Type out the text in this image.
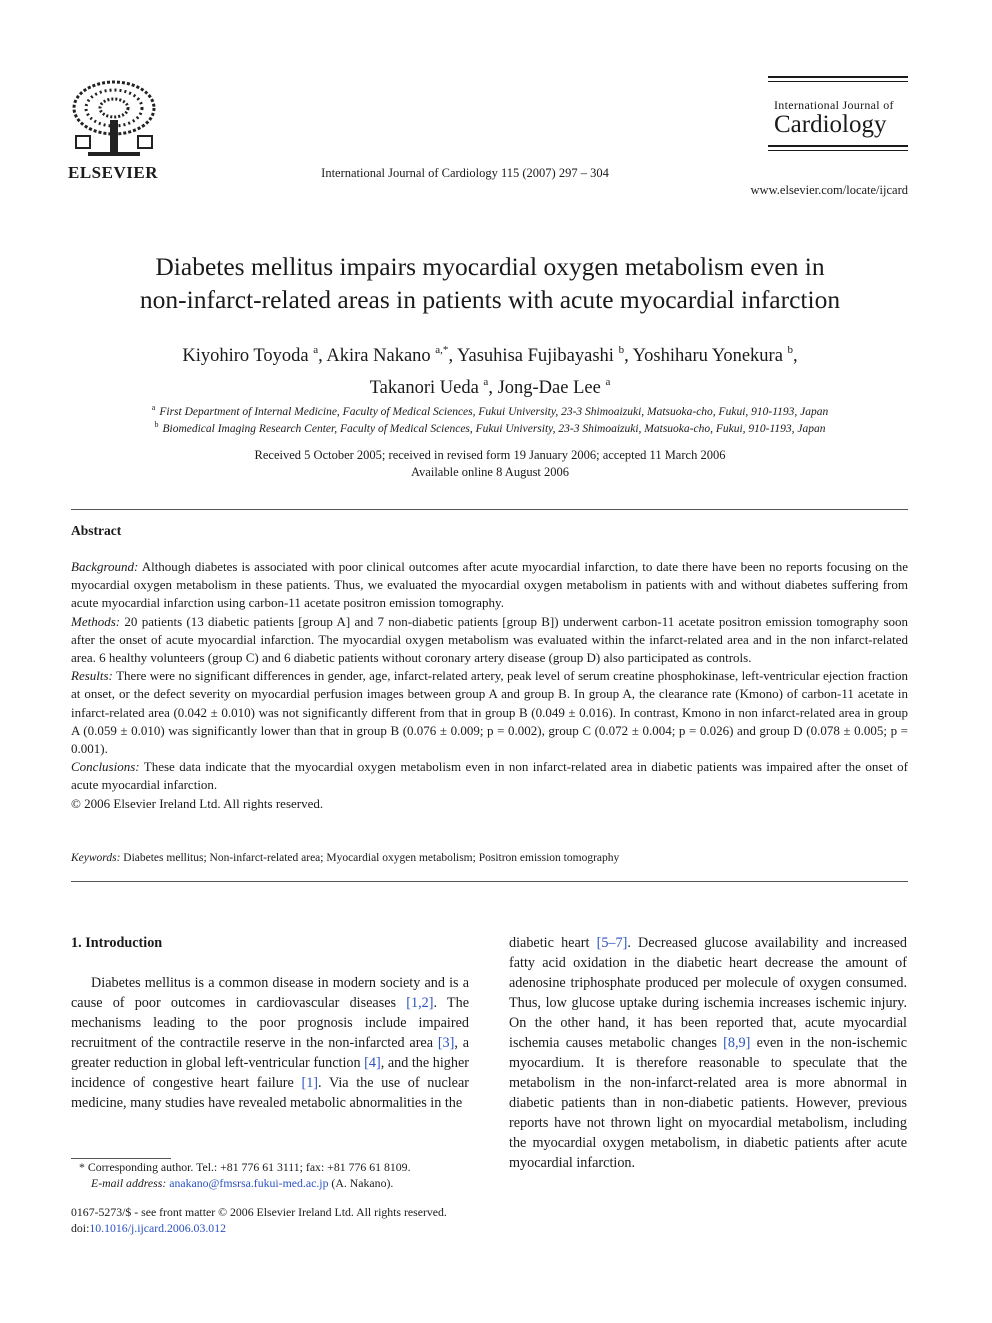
ELSEVIER	International Journal of Cardiology 115 (2007) 297 – 304
International Journal of
Cardiology
www.elsevier.com/locate/ijcard
Diabetes mellitus impairs myocardial oxygen metabolism even in
non-infarct-related areas in patients with acute myocardial infarction
Kiyohiro Toyoda $^a$, Akira Nakano $^{a,*}$, Yasuhisa Fujibayashi $^b$, Yoshiharu Yonekura $^b$,
Takanori Ueda $^a$, Jong-Dae Lee $^a$
$^a$ First Department of Internal Medicine, Faculty of Medical Sciences, Fukui University, 23-3 Shimoaizuki, Matsuoka-cho, Fukui, 910-1193, Japan
$^b$ Biomedical Imaging Research Center, Faculty of Medical Sciences, Fukui University, 23-3 Shimoaizuki, Matsuoka-cho, Fukui, 910-1193, Japan
Received 5 October 2005; received in revised form 19 January 2006; accepted 11 March 2006
Available online 8 August 2006
Abstract

Background: Although diabetes is associated with poor clinical outcomes after acute myocardial infarction, to date there have been no reports focusing on the myocardial oxygen metabolism in these patients. Thus, we evaluated the myocardial oxygen metabolism in patients with and without diabetes suffering from acute myocardial infarction using carbon-11 acetate positron emission tomography.

Methods: 20 patients (13 diabetic patients [group A] and 7 non-diabetic patients [group B]) underwent carbon-11 acetate positron emission tomography soon after the onset of acute myocardial infarction. The myocardial oxygen metabolism was evaluated within the infarct-related area and in the non infarct-related area. 6 healthy volunteers (group C) and 6 diabetic patients without coronary artery disease (group D) also participated as controls.

Results: There were no significant differences in gender, age, infarct-related artery, peak level of serum creatine phosphokinase, left-ventricular ejection fraction at onset, or the defect severity on myocardial perfusion images between group A and group B. In group A, the clearance rate (Kmono) of carbon-11 acetate in infarct-related area (0.042 ± 0.010) was not significantly different from that in group B (0.049 ± 0.016). In contrast, Kmono in non infarct-related area in group A (0.059 ± 0.010) was significantly lower than that in group B (0.076 ± 0.009; p = 0.002), group C (0.072 ± 0.004; p = 0.026) and group D (0.078 ± 0.005; p = 0.001).

Conclusions: These data indicate that the myocardial oxygen metabolism even in non infarct-related area in diabetic patients was impaired after the onset of acute myocardial infarction.

© 2006 Elsevier Ireland Ltd. All rights reserved.

Keywords: Diabetes mellitus; Non-infarct-related area; Myocardial oxygen metabolism; Positron emission tomography

1. Introduction

Diabetes mellitus is a common disease in modern society and is a cause of poor outcomes in cardiovascular diseases [1,2]. The mechanisms leading to the poor prognosis include impaired recruitment of the contractile reserve in the non-infarcted area [3], a greater reduction in global left-ventricular function [4], and the higher incidence of congestive heart failure [1]. Via the use of nuclear medicine, many studies have revealed metabolic abnormalities in the

diabetic heart [5–7]. Decreased glucose availability and increased fatty acid oxidation in the diabetic heart decrease the amount of adenosine triphosphate produced per molecule of oxygen consumed. Thus, low glucose uptake during ischemia increases ischemic injury. On the other hand, it has been reported that, acute myocardial ischemia causes metabolic changes [8,9] even in the non-ischemic myocardium. It is therefore reasonable to speculate that the metabolism in the non-infarct-related area is more abnormal in diabetic patients than in non-diabetic patients. However, previous reports have not thrown light on myocardial metabolism, including the myocardial oxygen metabolism, in diabetic patients after acute myocardial infarction.

* Corresponding author. Tel.: +81 776 61 3111; fax: +81 776 61 8109.
E-mail address: anakano@fmsrsa.fukui-med.ac.jp (A. Nakano).
0167-5273/$ - see front matter © 2006 Elsevier Ireland Ltd. All rights reserved.
doi:10.1016/j.ijcard.2006.03.012
